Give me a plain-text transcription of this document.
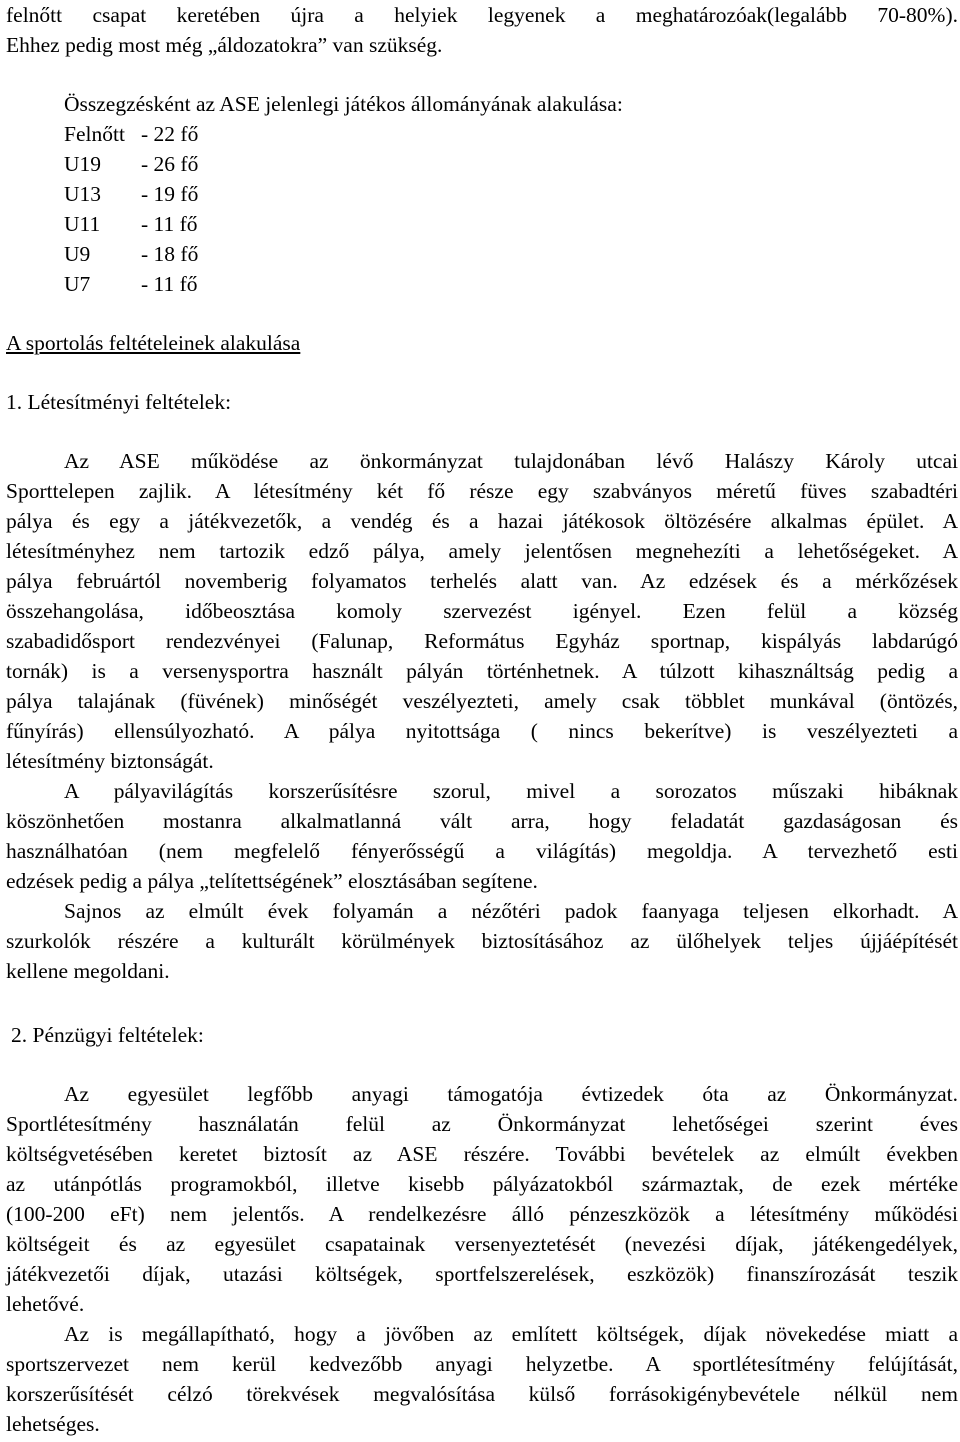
felnőtt csapat keretében újra a helyiek legyenek a meghatározóak(legalább 70-80%).
Ehhez pedig most még „áldozatokra” van szükség.
Összegzésként az ASE jelenlegi játékos állományának alakulása:
Felnőtt - 22 fő
U19 - 26 fő
U13 - 19 fő
U11 - 11 fő
U9 - 18 fő
U7 - 11 fő
A sportolás feltételeinek alakulása
1. Létesítményi feltételek:
Az ASE működése az önkormányzat tulajdonában lévő Halászy Károly utcai
Sporttelepen zajlik. A létesítmény két fő része egy szabványos méretű füves szabadtéri
pálya és egy a játékvezetők, a vendég és a hazai játékosok öltözésére alkalmas épület. A
létesítményhez nem tartozik edző pálya, amely jelentősen megnehezíti a lehetőségeket. A
pálya februártól novemberig folyamatos terhelés alatt van. Az edzések és a mérkőzések
összehangolása, időbeosztása komoly szervezést igényel. Ezen felül a község
szabadidősport rendezvényei (Falunap, Református Egyház sportnap, kispályás labdarúgó
tornák) is a versenysportra használt pályán történhetnek. A túlzott kihasználtság pedig a
pálya talajának (füvének) minőségét veszélyezteti, amely csak többlet munkával (öntözés,
fűnyírás) ellensúlyozható. A pálya nyitottsága ( nincs bekerítve) is veszélyezteti a
létesítmény biztonságát.
A pályavilágítás korszerűsítésre szorul, mivel a sorozatos műszaki hibáknak
köszönhetően mostanra alkalmatlanná vált arra, hogy feladatát gazdaságosan és
használhatóan (nem megfelelő fényerősségű a világítás) megoldja. A tervezhető esti
edzések pedig a pálya „telítettségének” elosztásában segítene.
Sajnos az elmúlt évek folyamán a nézőtéri padok faanyaga teljesen elkorhadt. A
szurkolók részére a kulturált körülmények biztosításához az ülőhelyek teljes újjáépítését
kellene megoldani.
2. Pénzügyi feltételek:
Az egyesület legfőbb anyagi támogatója évtizedek óta az Önkormányzat.
Sportlétesítmény használatán felül az Önkormányzat lehetőségei szerint éves
költségvetésében keretet biztosít az ASE részére. További bevételek az elmúlt években
az utánpótlás programokból, illetve kisebb pályázatokból származtak, de ezek mértéke
(100-200 eFt) nem jelentős. A rendelkezésre álló pénzeszközök a létesítmény működési
költségeit és az egyesület csapatainak versenyeztetését (nevezési díjak, játékengedélyek,
játékvezetői díjak, utazási költségek, sportfelszerelések, eszközök) finanszírozását teszik
lehetővé.
Az is megállapítható, hogy a jövőben az említett költségek, díjak növekedése miatt a
sportszervezet nem kerül kedvezőbb anyagi helyzetbe. A sportlétesítmény felújítását,
korszerűsítését célzó törekvések megvalósítása külső forrásokigénybevétele nélkül nem
lehetséges.
